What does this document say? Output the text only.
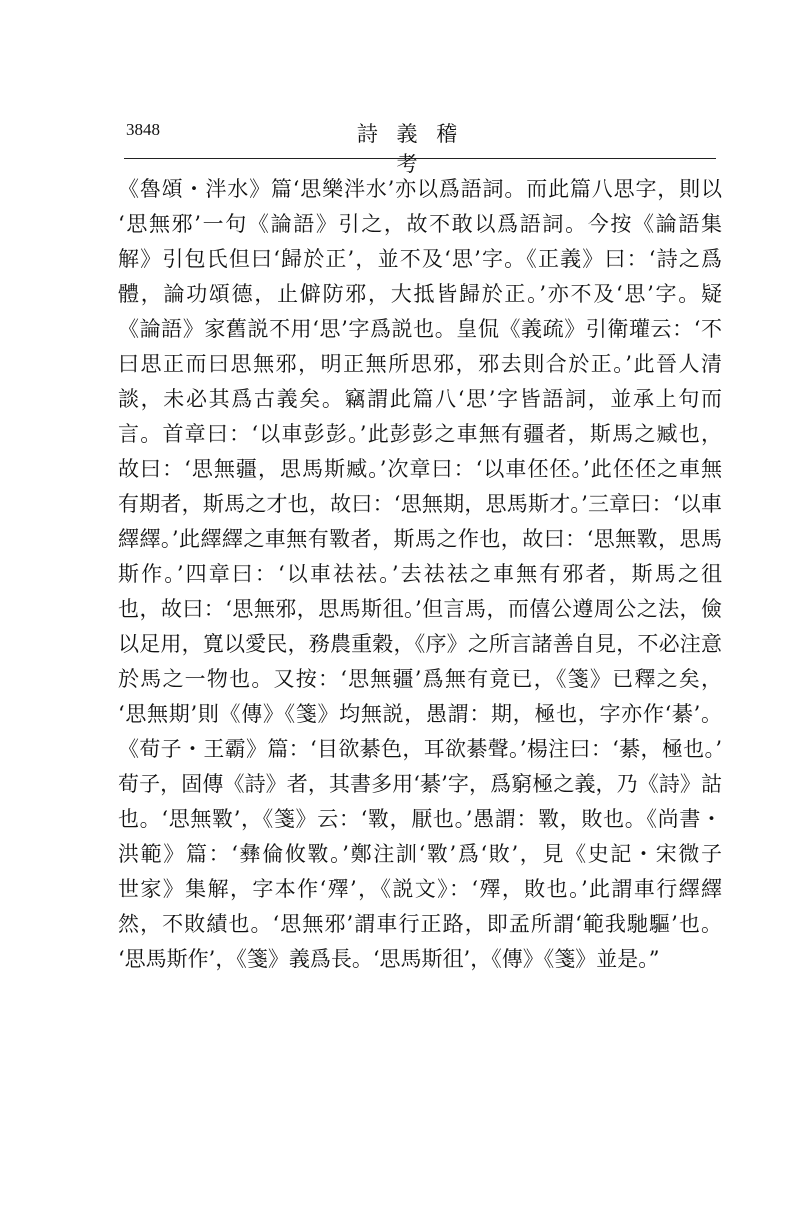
3848	詩 義 稽 考
《魯頌・泮水》篇‘思樂泮水’亦以爲語詞。而此篇八思字，則以
‘思無邪’一句《論語》引之，故不敢以爲語詞。今按《論語集
解》引包氏但曰‘歸於正’，並不及‘思’字。《正義》曰：‘詩之爲
體，論功頌德，止僻防邪，大抵皆歸於正。’亦不及‘思’字。疑
《論語》家舊説不用‘思’字爲説也。皇侃《義疏》引衛瓘云：‘不
曰思正而曰思無邪，明正無所思邪，邪去則合於正。’此晉人清
談，未必其爲古義矣。竊謂此篇八‘思’字皆語詞，並承上句而
言。首章曰：‘以車彭彭。’此彭彭之車無有疆者，斯馬之臧也，
故曰：‘思無疆，思馬斯臧。’次章曰：‘以車伾伾。’此伾伾之車無
有期者，斯馬之才也，故曰：‘思無期，思馬斯才。’三章曰：‘以車
繹繹。’此繹繹之車無有斁者，斯馬之作也，故曰：‘思無斁，思馬
斯作。’四章曰：‘以車祛祛。’去祛祛之車無有邪者，斯馬之徂
也，故曰：‘思無邪，思馬斯徂。’但言馬，而僖公遵周公之法，儉
以足用，寬以愛民，務農重穀，《序》之所言諸善自見，不必注意
於馬之一物也。又按：‘思無疆’爲無有竟已，《箋》已釋之矣，
‘思無期’則《傳》《箋》均無説，愚謂：期，極也，字亦作‘綦’。
《荀子・王霸》篇：‘目欲綦色，耳欲綦聲。’楊注曰：‘綦，極也。’
荀子，固傳《詩》者，其書多用‘綦’字，爲窮極之義，乃《詩》詁
也。‘思無斁’，《箋》云：‘斁，厭也。’愚謂：斁，敗也。《尚書・
洪範》篇：‘彝倫攸斁。’鄭注訓‘斁’爲‘敗’，見《史記・宋微子
世家》集解，字本作‘殬’，《説文》：‘殬，敗也。’此謂車行繹繹
然，不敗績也。‘思無邪’謂車行正路，即孟所謂‘範我馳驅’也。
‘思馬斯作’，《箋》義爲長。‘思馬斯徂’，《傳》《箋》並是。”
